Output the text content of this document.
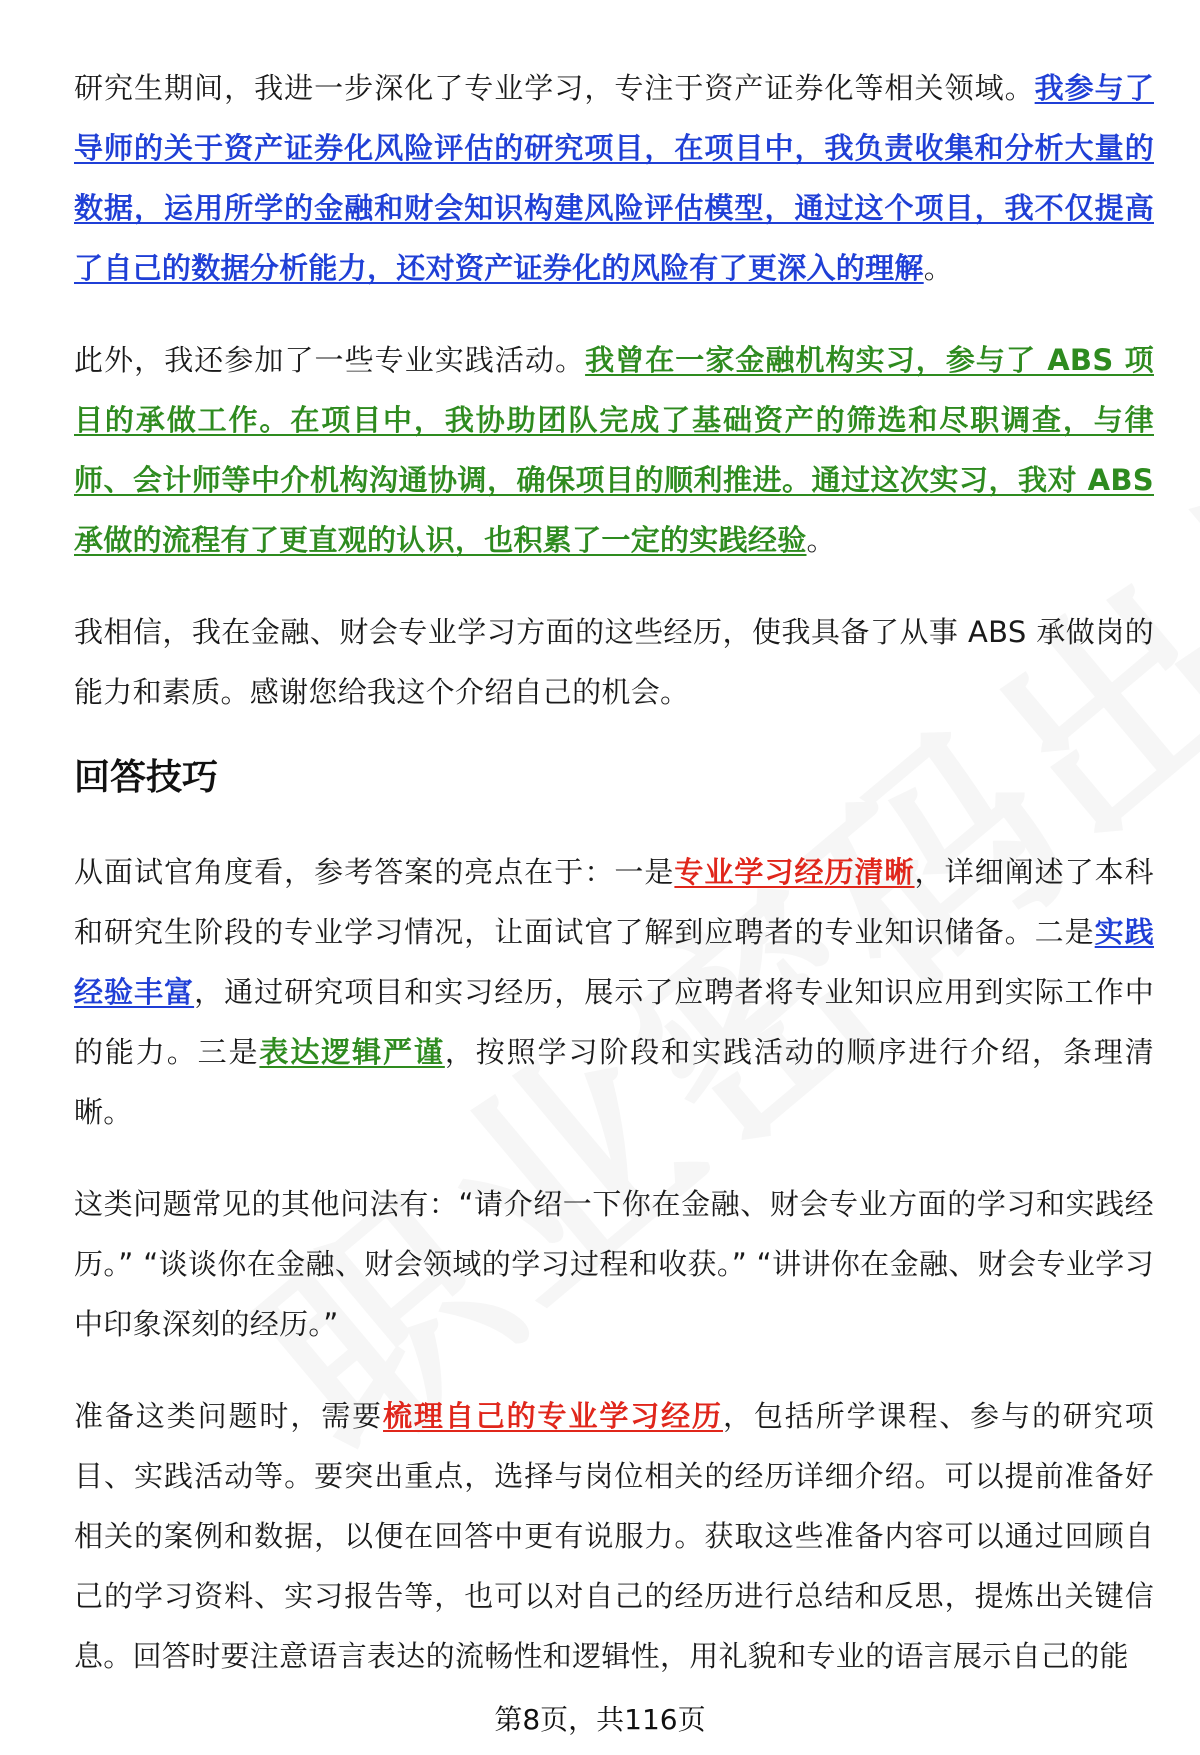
研究生期间，我进一步深化了专业学习，专注于资产证券化等相关领域。我参与了导师的关于资产证券化风险评估的研究项目，在项目中，我负责收集和分析大量的数据，运用所学的金融和财会知识构建风险评估模型，通过这个项目，我不仅提高了自己的数据分析能力，还对资产证券化的风险有了更深入的理解。

此外，我还参加了一些专业实践活动。我曾在一家金融机构实习，参与了 ABS 项目的承做工作。在项目中，我协助团队完成了基础资产的筛选和尽职调查，与律师、会计师等中介机构沟通协调，确保项目的顺利推进。通过这次实习，我对 ABS 承做的流程有了更直观的认识，也积累了一定的实践经验。

我相信，我在金融、财会专业学习方面的这些经历，使我具备了从事 ABS 承做岗的能力和素质。感谢您给我这个介绍自己的机会。

回答技巧

从面试官角度看，参考答案的亮点在于：一是专业学习经历清晰，详细阐述了本科和研究生阶段的专业学习情况，让面试官了解到应聘者的专业知识储备。二是实践经验丰富，通过研究项目和实习经历，展示了应聘者将专业知识应用到实际工作中的能力。三是表达逻辑严谨，按照学习阶段和实践活动的顺序进行介绍，条理清晰。

这类问题常见的其他问法有：“请介绍一下你在金融、财会专业方面的学习和实践经历。” “谈谈你在金融、财会领域的学习过程和收获。” “讲讲你在金融、财会专业学习中印象深刻的经历。”

准备这类问题时，需要梳理自己的专业学习经历，包括所学课程、参与的研究项目、实践活动等。要突出重点，选择与岗位相关的经历详细介绍。可以提前准备好相关的案例和数据，以便在回答中更有说服力。获取这些准备内容可以通过回顾自己的学习资料、实习报告等，也可以对自己的经历进行总结和反思，提炼出关键信息。回答时要注意语言表达的流畅性和逻辑性，用礼貌和专业的语言展示自己的能

第8页，共116页
